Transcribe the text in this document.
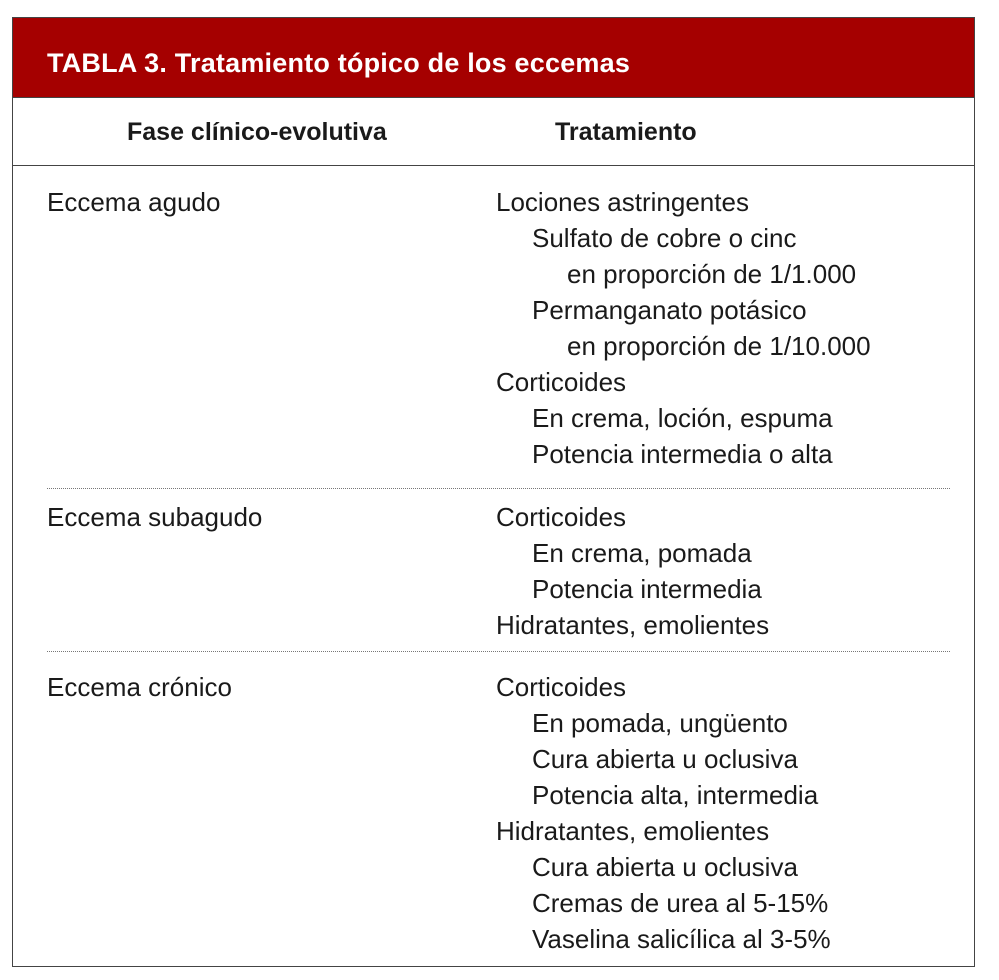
TABLA 3. Tratamiento tópico de los eccemas
Fase clínico-evolutiva	Tratamiento
Eccema agudo	Lociones astringentes
Sulfato de cobre o cinc
en proporción de 1/1.000
Permanganato potásico
en proporción de 1/10.000
Corticoides
En crema, loción, espuma
Potencia intermedia o alta
Eccema subagudo	Corticoides
En crema, pomada
Potencia intermedia
Hidratantes, emolientes
Eccema crónico	Corticoides
En pomada, ungüento
Cura abierta u oclusiva
Potencia alta, intermedia
Hidratantes, emolientes
Cura abierta u oclusiva
Cremas de urea al 5-15%
Vaselina salicílica al 3-5%
